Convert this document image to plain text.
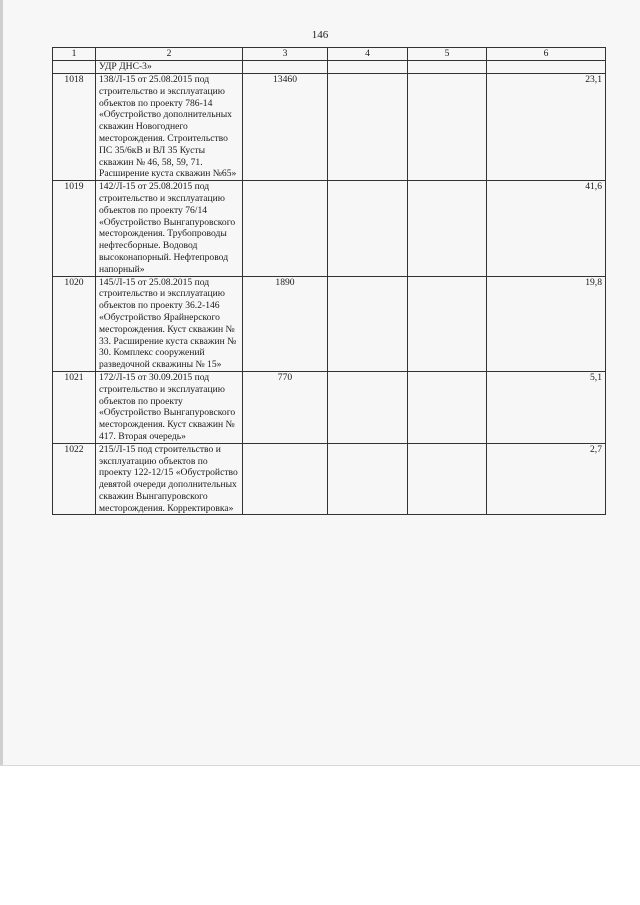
146
1	2	3	4	5	6
	УДР ДНС-3»				
1018	138/Л-15 от 25.08.2015 под строительство и эксплуатацию объектов по проекту 786-14 «Обустройство дополнительных скважин Новогоднего месторождения. Строительство ПС 35/6кВ и ВЛ 35 Кусты скважин № 46, 58, 59, 71. Расширение куста скважин №65»	13460			23,1
1019	142/Л-15 от 25.08.2015 под строительство и эксплуатацию объектов по проекту 76/14 «Обустройство Вынгапуровского месторождения. Трубопроводы нефтесборные. Водовод высоконапорный. Нефтепровод напорный»				41,6
1020	145/Л-15 от 25.08.2015 под строительство и эксплуатацию объектов по проекту 36.2-146 «Обустройство Ярайнерского месторождения. Куст скважин № 33. Расширение куста скважин № 30. Комплекс сооружений разведочной скважины № 15»	1890			19,8
1021	172/Л-15 от 30.09.2015 под строительство и эксплуатацию объектов по проекту «Обустройство Вынгапуровского месторождения. Куст скважин № 417. Вторая очередь»	770			5,1
1022	215/Л-15 под строительство и эксплуатацию объектов по проекту 122-12/15 «Обустройство девятой очереди дополнительных скважин Вынгапуровского месторождения. Корректировка»				2,7
